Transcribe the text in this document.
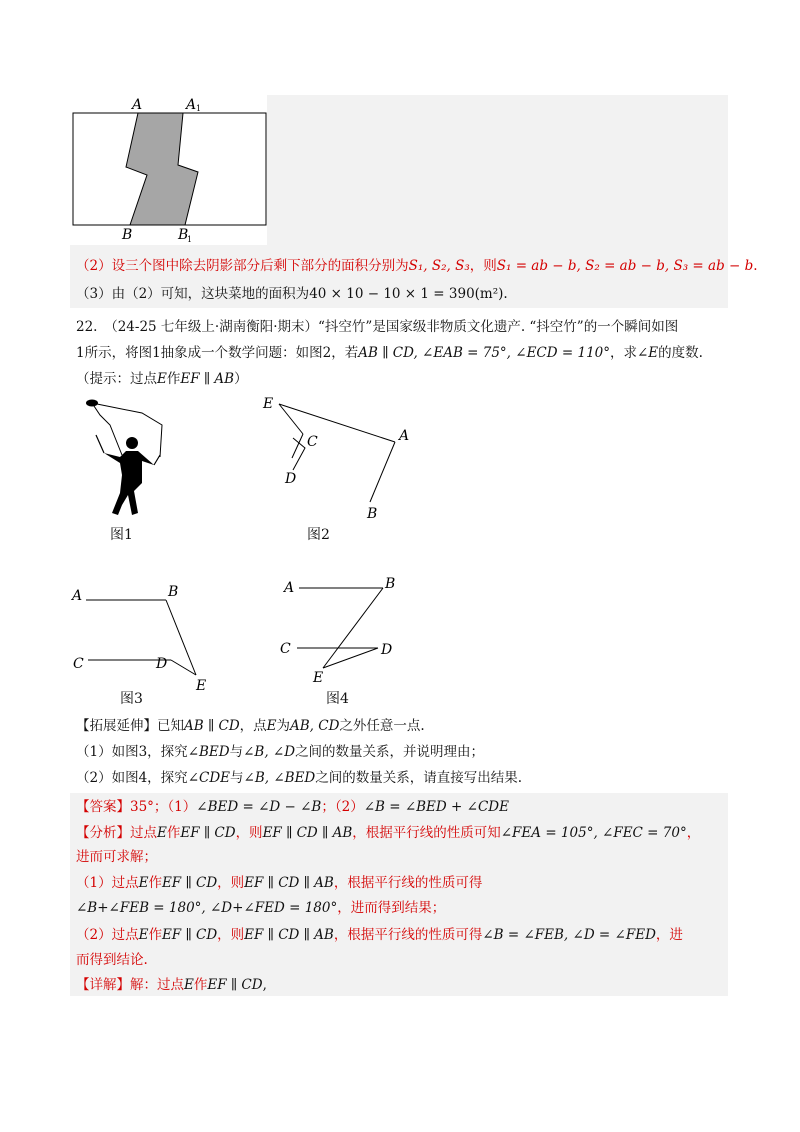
A	A 1
B	B
1
（2）设三个图中除去阴影部分后剩下部分的面积分别为S₁, S₂, S₃，则S₁ = ab − b, S₂ = ab − b, S₃ = ab − b.
（3）由（2）可知，这块菜地的面积为40 × 10 − 10 × 1 = 390(m²).
22.　（24-25 七年级上·湖南衡阳·期末）“抖空竹”是国家级非物质文化遗产. “抖空竹”的一个瞬间如图
1所示，将图1抽象成一个数学问题：如图2，若AB ∥ CD, ∠EAB = 75°, ∠ECD = 110°，求∠E的度数.
（提示：过点E作EF ∥ AB）
图1
E
C	A
D
B
图2
A	B
C	D
E
图3
A	B
C	D
E
图4
【拓展延伸】已知AB ∥ CD，点E为AB, CD之外任意一点.
（1）如图3，探究∠BED与∠B, ∠D之间的数量关系，并说明理由；
（2）如图4，探究∠CDE与∠B, ∠BED之间的数量关系，请直接写出结果.
【答案】35°；（1）∠BED = ∠D − ∠B；（2）∠B = ∠BED + ∠CDE
【分析】过点E作EF ∥ CD，则EF ∥ CD ∥ AB，根据平行线的性质可知∠FEA = 105°, ∠FEC = 70°，
进而可求解；
（1）过点E作EF ∥ CD，则EF ∥ CD ∥ AB，根据平行线的性质可得
∠B+∠FEB = 180°, ∠D+∠FED = 180°，进而得到结果；
（2）过点E作EF ∥ CD，则EF ∥ CD ∥ AB，根据平行线的性质可得∠B = ∠FEB, ∠D = ∠FED，进
而得到结论.
【详解】解：过点E作EF ∥ CD,
